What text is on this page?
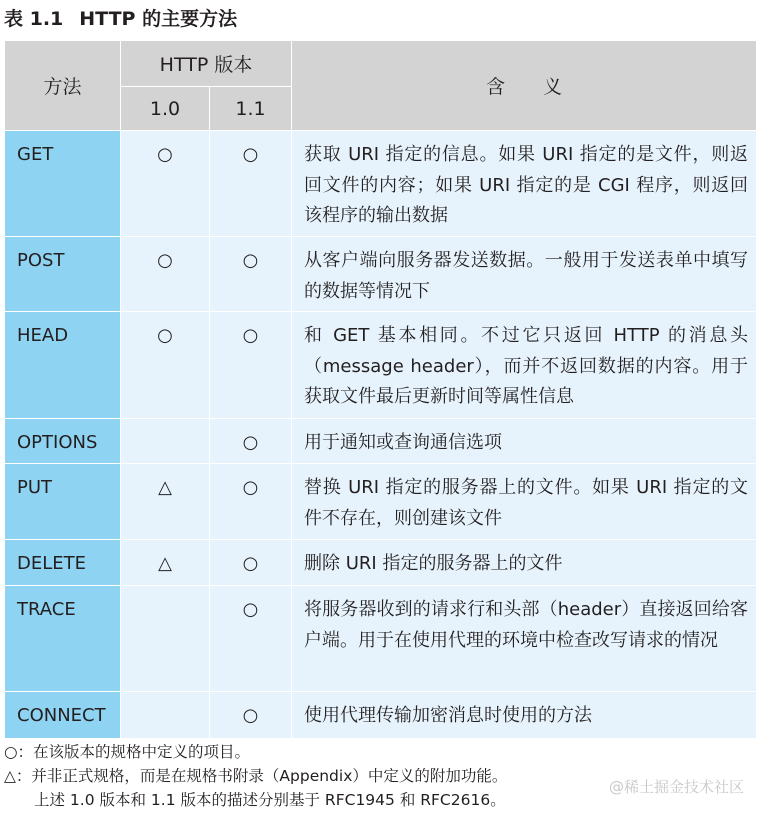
表 1.1 HTTP 的主要方法
方法	HTTP 版本		含义
	1.0	1.1	
GET	○	○	获取 URI 指定的信息。如果 URI 指定的是文件，则返回文件的内容；如果 URI 指定的是 CGI 程序，则返回该程序的输出数据
POST	○	○	从客户端向服务器发送数据。一般用于发送表单中填写的数据等情况下
HEAD	○	○	和 GET 基本相同。不过它只返回 HTTP 的消息头（message header），而并不返回数据的内容。用于获取文件最后更新时间等属性信息
OPTIONS		○	用于通知或查询通信选项
PUT	△	○	替换 URI 指定的服务器上的文件。如果 URI 指定的文件不存在，则创建该文件
DELETE	△	○	删除 URI 指定的服务器上的文件
TRACE		○	将服务器收到的请求行和头部（header）直接返回给客户端。用于在使用代理的环境中检查改写请求的情况
CONNECT		○	使用代理传输加密消息时使用的方法
○：在该版本的规格中定义的项目。
△：并非正式规格，而是在规格书附录（Appendix）中定义的附加功能。
上述 1.0 版本和 1.1 版本的描述分别基于 RFC1945 和 RFC2616。
@稀土掘金技术社区
